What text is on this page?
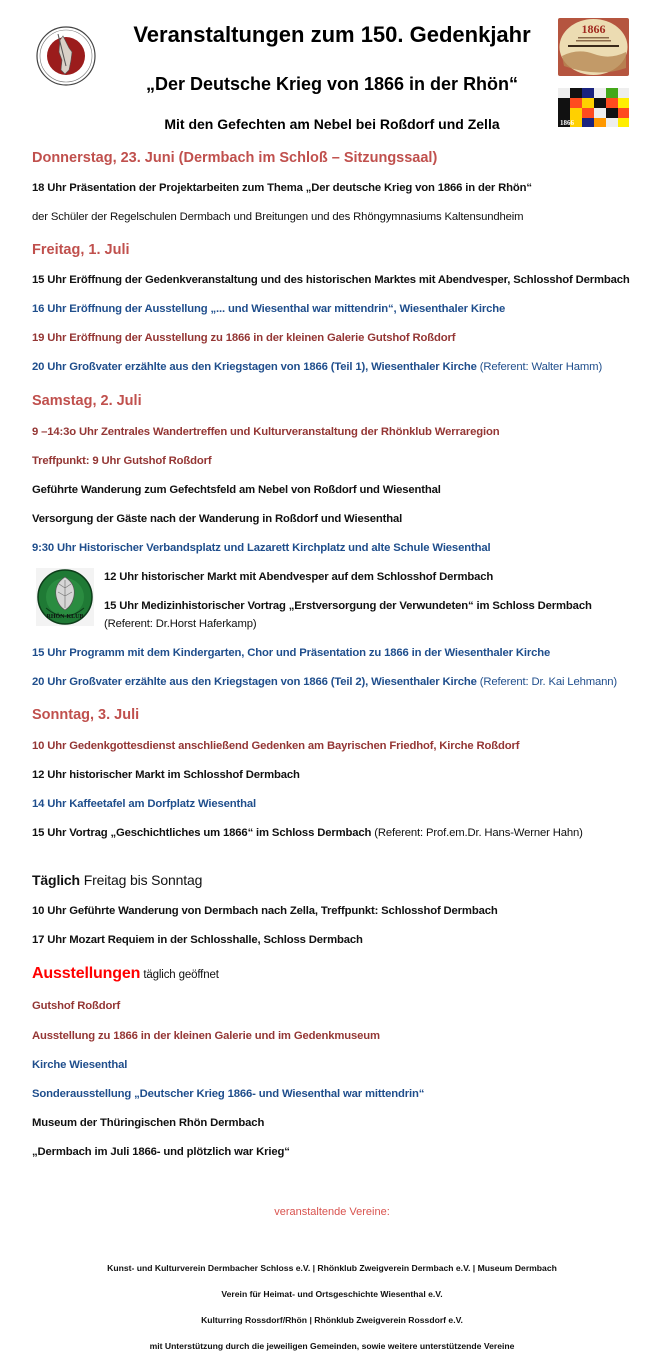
Veranstaltungen zum 150. Gedenkjahr
„Der Deutsche Krieg von 1866 in der Rhön“
Mit den Gefechten am Nebel bei Roßdorf und Zella
1866
1866
Donnerstag, 23. Juni (Dermbach im Schloß – Sitzungssaal)
18 Uhr Präsentation der Projektarbeiten zum Thema „Der deutsche Krieg von 1866 in der Rhön“
der Schüler der Regelschulen Dermbach und Breitungen und des Rhöngymnasiums Kaltensundheim
Freitag, 1. Juli
15 Uhr Eröffnung der Gedenkveranstaltung und des historischen Marktes mit Abendvesper, Schlosshof Dermbach
16 Uhr Eröffnung der Ausstellung „... und Wiesenthal war mittendrin“, Wiesenthaler Kirche
19 Uhr Eröffnung der Ausstellung zu 1866 in der kleinen Galerie Gutshof Roßdorf
20 Uhr Großvater erzählte aus den Kriegstagen von 1866 (Teil 1), Wiesenthaler Kirche (Referent: Walter Hamm)
Samstag, 2. Juli
9 –14:3o Uhr Zentrales Wandertreffen und Kulturveranstaltung der Rhönklub Werraregion
Treffpunkt: 9 Uhr Gutshof Roßdorf
Geführte Wanderung zum Gefechtsfeld am Nebel von Roßdorf und Wiesenthal
Versorgung der Gäste nach der Wanderung in Roßdorf und Wiesenthal
9:30 Uhr Historischer Verbandsplatz und Lazarett Kirchplatz und alte Schule Wiesenthal
RHÖN-KLUB
12 Uhr historischer Markt mit Abendvesper auf dem Schlosshof Dermbach
15 Uhr Medizinhistorischer Vortrag „Erstversorgung der Verwundeten“ im Schloss Dermbach
(Referent: Dr.Horst Haferkamp)
15 Uhr Programm mit dem Kindergarten, Chor und Präsentation zu 1866 in der Wiesenthaler Kirche
20 Uhr Großvater erzählte aus den Kriegstagen von 1866 (Teil 2), Wiesenthaler Kirche (Referent: Dr. Kai Lehmann)
Sonntag, 3. Juli
10 Uhr Gedenkgottesdienst anschließend Gedenken am Bayrischen Friedhof, Kirche Roßdorf
12 Uhr historischer Markt im Schlosshof Dermbach
14 Uhr Kaffeetafel am Dorfplatz Wiesenthal
15 Uhr Vortrag „Geschichtliches um 1866“ im Schloss Dermbach (Referent: Prof.em.Dr. Hans-Werner Hahn)
Täglich Freitag bis Sonntag
10 Uhr Geführte Wanderung von Dermbach nach Zella, Treffpunkt: Schlosshof Dermbach
17 Uhr Mozart Requiem in der Schlosshalle, Schloss Dermbach
Ausstellungen täglich geöffnet
Gutshof Roßdorf
Ausstellung zu 1866 in der kleinen Galerie und im Gedenkmuseum
Kirche Wiesenthal
Sonderausstellung „Deutscher Krieg 1866- und Wiesenthal war mittendrin“
Museum der Thüringischen Rhön Dermbach
„Dermbach im Juli 1866- und plötzlich war Krieg“
veranstaltende Vereine:
Kunst- und Kulturverein Dermbacher Schloss e.V. | Rhönklub Zweigverein Dermbach e.V. | Museum Dermbach
Verein für Heimat- und Ortsgeschichte Wiesenthal e.V.
Kulturring Rossdorf/Rhön | Rhönklub Zweigverein Rossdorf e.V.
mit Unterstützung durch die jeweiligen Gemeinden, sowie weitere unterstützende Vereine
